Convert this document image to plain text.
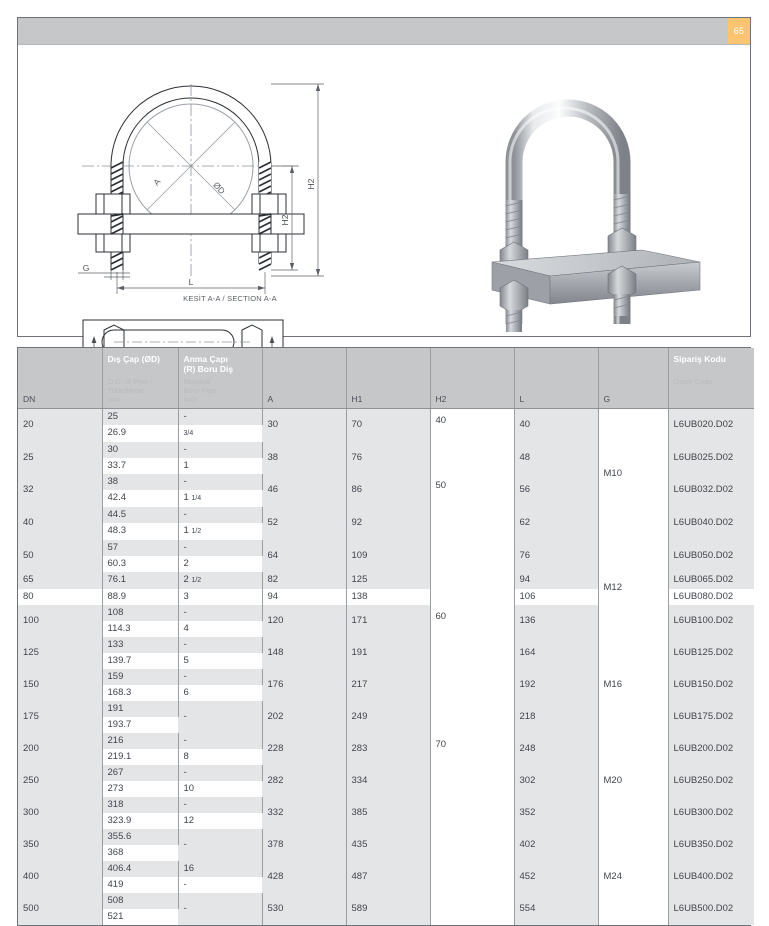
65
H2
H2
L
G
A	ØD
KESİT A-A / SECTION A-A
DN	Dış Çap (ØD)
O.D. of Pipe /
Tube/Hose
mm	Anma Çapı
(R) Boru Diş
Nominal
Bore Pipe
inch	A	H1	H2	L	G	Sipariş Kodu
Order Code

20	25	-	30	70	40	40	M10	L6UB020.D02
	26.9	3/4						
25	30	-	38	76		48		L6UB025.D02
	33.7	1						
32	38	-	46	86	50	56		L6UB032.D02
	42.4	1 1/4						
40	44.5	-	52	92		62		L6UB040.D02
	48.3	1 1/2						
50	57	-	64	109		76	M12	L6UB050.D02
	60.3	2						
65	76.1	2 1/2	82	125		94		L6UB065.D02
80	88.9	3	94	138		106		L6UB080.D02
100	108	-	120	171	60	136		L6UB100.D02
	114.3	4						
125	133	-	148	191		164	M16	L6UB125.D02
	139.7	5						
150	159	-	176	217		192		L6UB150.D02
	168.3	6						
175	191	-	202	249		218		L6UB175.D02
	193.7							
200	216	-	228	283	70	248	M20	L6UB200.D02
	219.1	8						
250	267	-	282	334		302		L6UB250.D02
	273	10						
300	318	-	332	385		352		L6UB300.D02
	323.9	12						
350	355.6	-	378	435		402	M24	L6UB350.D02
	368							
400	406.4	16	428	487		452		L6UB400.D02
	419	-						
500	508	-	530	589		554		L6UB500.D02
	521							
